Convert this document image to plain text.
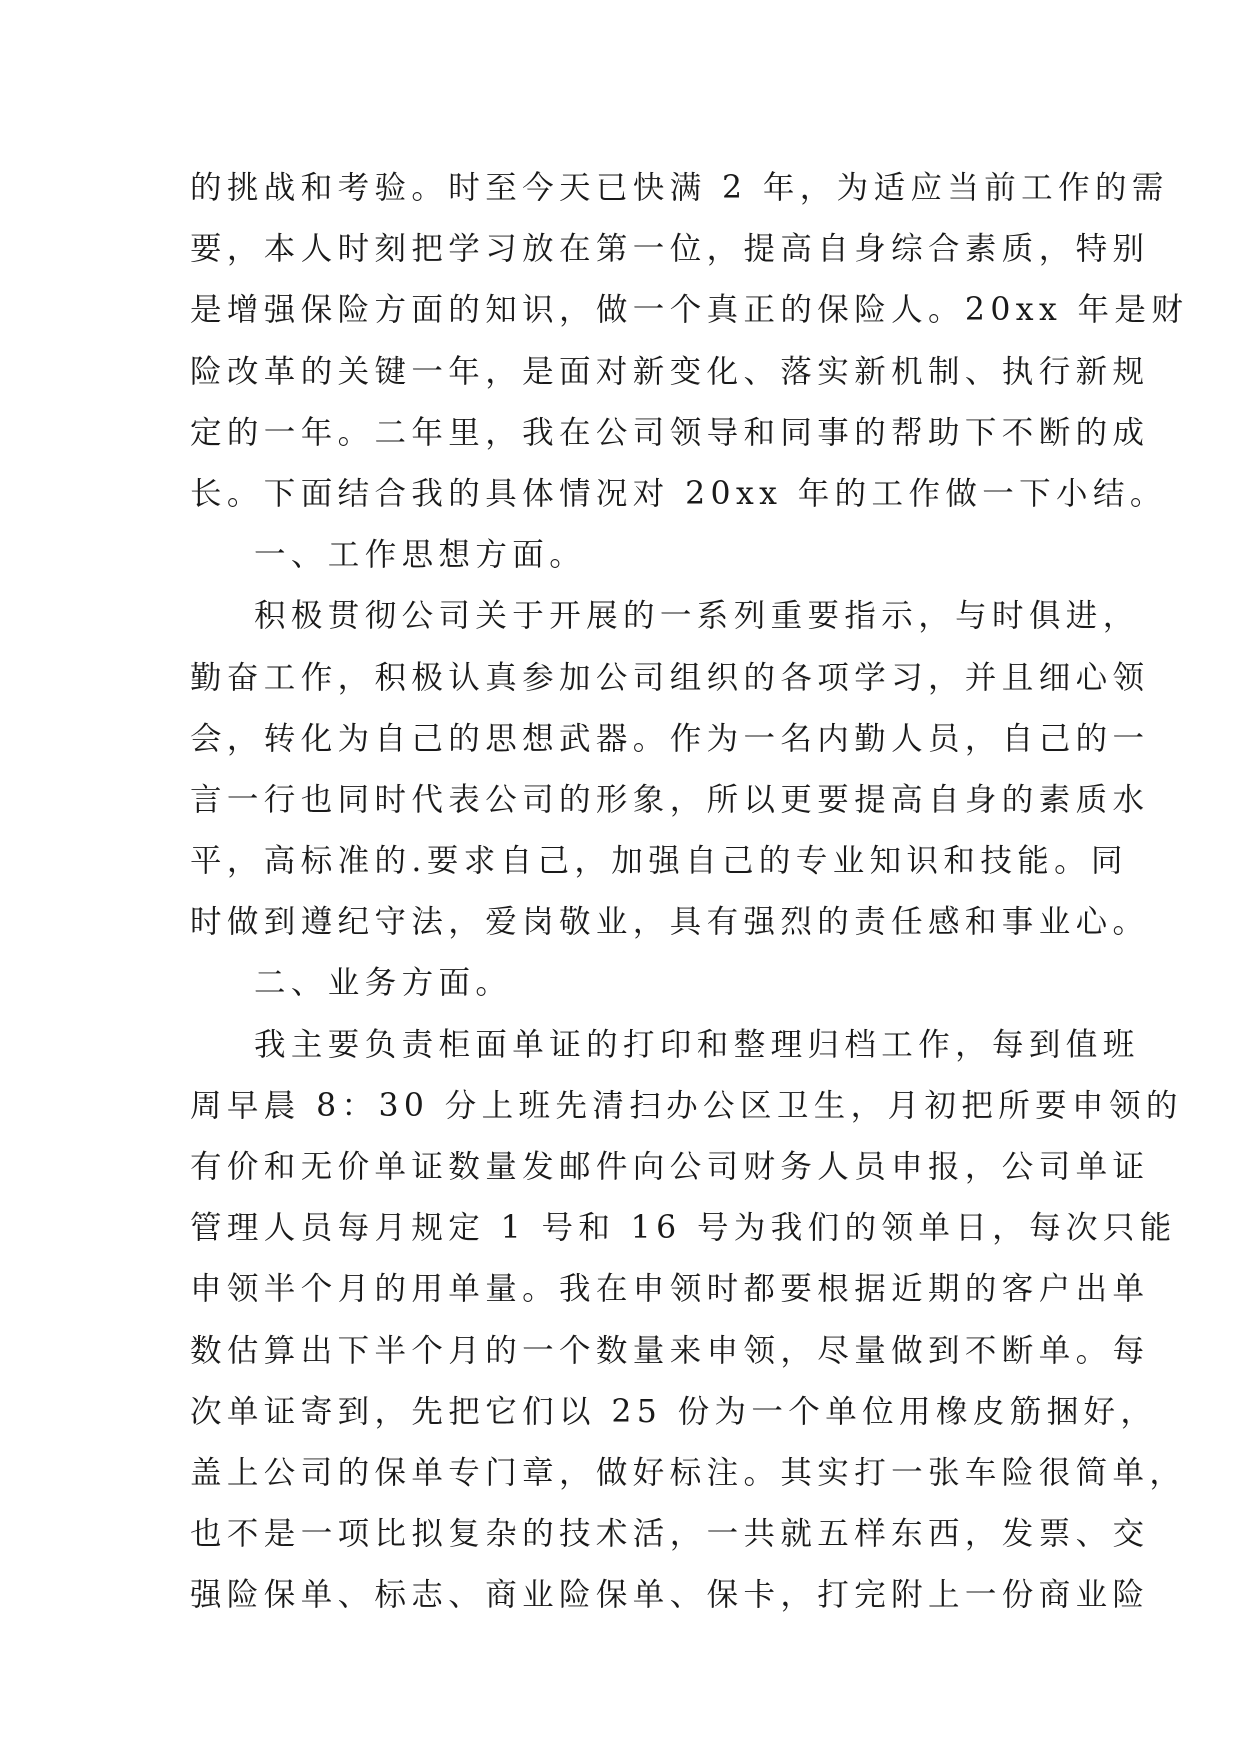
的挑战和考验。时至今天已快满 2 年，为适应当前工作的需
要，本人时刻把学习放在第一位，提高自身综合素质，特别
是增强保险方面的知识，做一个真正的保险人。20xx 年是财
险改革的关键一年，是面对新变化、落实新机制、执行新规
定的一年。二年里，我在公司领导和同事的帮助下不断的成
长。下面结合我的具体情况对 20xx 年的工作做一下小结。
一、工作思想方面。
积极贯彻公司关于开展的一系列重要指示，与时俱进，
勤奋工作，积极认真参加公司组织的各项学习，并且细心领
会，转化为自己的思想武器。作为一名内勤人员，自己的一
言一行也同时代表公司的形象，所以更要提高自身的素质水
平，高标准的.要求自己，加强自己的专业知识和技能。同
时做到遵纪守法，爱岗敬业，具有强烈的责任感和事业心。
二、业务方面。
我主要负责柜面单证的打印和整理归档工作，每到值班
周早晨 8：30 分上班先清扫办公区卫生，月初把所要申领的
有价和无价单证数量发邮件向公司财务人员申报，公司单证
管理人员每月规定 1 号和 16 号为我们的领单日，每次只能
申领半个月的用单量。我在申领时都要根据近期的客户出单
数估算出下半个月的一个数量来申领，尽量做到不断单。每
次单证寄到，先把它们以 25 份为一个单位用橡皮筋捆好，
盖上公司的保单专门章，做好标注。其实打一张车险很简单，
也不是一项比拟复杂的技术活，一共就五样东西，发票、交
强险保单、标志、商业险保单、保卡，打完附上一份商业险
